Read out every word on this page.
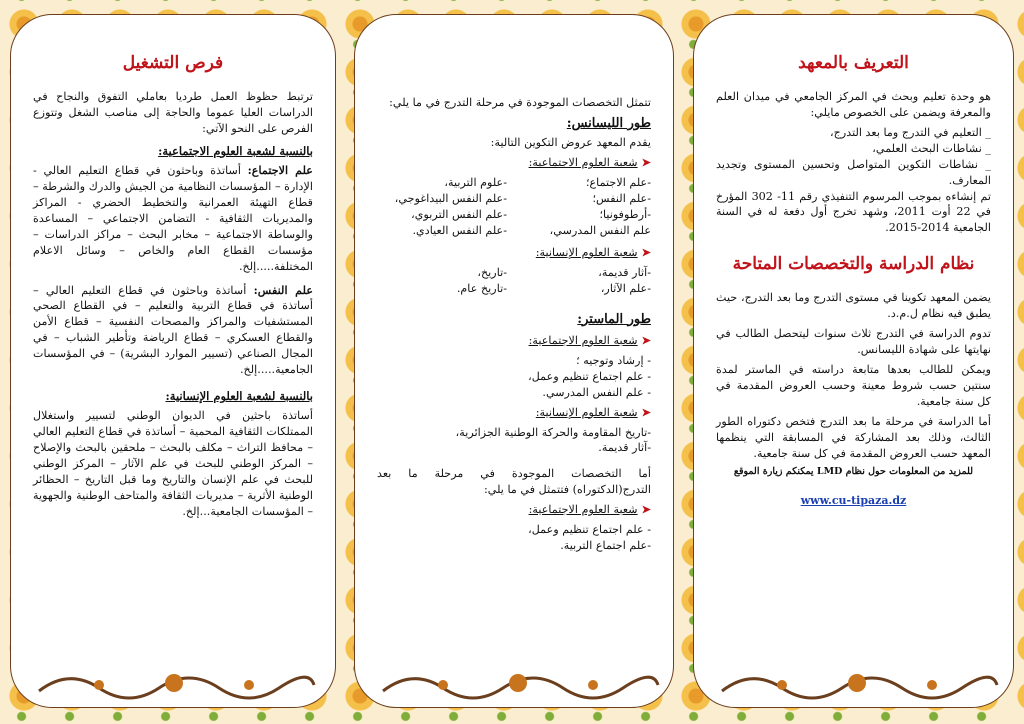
فرص التشغيل

ترتبط حظوظ العمل طرديا بعاملي التفوق والنجاح في الدراسات العليا عموما والحاجة إلى مناصب الشغل وتتوزع الفرص على النحو الآتي:

بالنسبة لشعبة العلوم الاجتماعية:

علم الاجتماع: أساتذة وباحثون في قطاع التعليم العالي - الإدارة – المؤسسات النظامية من الجيش والدرك والشرطة – قطاع التهيئة العمرانية والتخطيط الحضري - المراكز والمديريات الثقافية - التضامن الاجتماعي – المساعدة والوساطة الاجتماعية – مخابر البحث – مراكز الدراسات – مؤسسات القطاع العام والخاص – وسائل الاعلام المختلفة.....إلخ.

علم النفس: أساتذة وباحثون في قطاع التعليم العالي – أساتذة في قطاع التربية والتعليم – في القطاع الصحي المستشفيات والمراكز والمصحات النفسية – قطاع الأمن والقطاع العسكري – قطاع الرياضة وتأطير الشباب – في المجال الصناعي (تسيير الموارد البشرية) – في المؤسسات الجامعية.....إلخ.

بالنسبة لشعبة العلوم الإنسانية:

أساتذة باحثين في الديوان الوطني لتسيير واستغلال الممتلكات الثقافية المحمية – أساتذة في قطاع التعليم العالي – محافظ التراث – مكلف بالبحث – ملحقين بالبحث والإصلاح – المركز الوطني للبحث في علم الآثار – المركز الوطني للبحث في علم الإنسان والتاريخ وما قبل التاريخ – الحظائر الوطنية الأثرية – مديريات الثقافة والمتاحف الوطنية والجهوية – المؤسسات الجامعية...إلخ.

تتمثل التخصصات الموجودة في مرحلة التدرج في ما يلي:

طور الليسانس:

يقدم المعهد عروض التكوين التالية:

➤شعبة العلوم الاجتماعية:
-علم الاجتماع؛
-علوم التربية،
-علم النفس؛
-علم النفس البيداغوجي،
-أرطوفونيا؛
-علم النفس التربوي،
علم النفس المدرسي،
-علم النفس العيادي.
➤شعبة العلوم الإنسانية:
-آثار قديمة،
-تاريخ،
-علم الآثار،
-تاريخ عام.
طور الماستر:
➤شعبة العلوم الاجتماعية:
- إرشاد وتوجيه ؛
- علم اجتماع تنظيم وعمل،
- علم النفس المدرسي.
➤شعبة العلوم الإنسانية:
-تاريخ المقاومة والحركة الوطنية الجزائرية،
-آثار قديمة.

أما التخصصات الموجودة في مرحلة ما بعد التدرج(الدكتوراه) فتتمثل في ما يلي:

➤شعبة العلوم الاجتماعية:
- علم اجتماع تنظيم وعمل،
-علم اجتماع التربية.
التعريف بالمعهد

هو وحدة تعليم وبحث في المركز الجامعي في ميدان العلم والمعرفة ويضمن على الخصوص مايلي:

_ التعليم في التدرج وما بعد التدرج،
_ نشاطات البحث العلمي،
_ نشاطات التكوين المتواصل وتحسين المستوى وتجديد المعارف.

تم إنشاءه بموجب المرسوم التنفيذي رقم 11- 302 المؤرخ في 22 أوت 2011، وشهد تخرج أول دفعة له في السنة الجامعية 2014-2015.

نظام الدراسة والتخصصات المتاحة

يضمن المعهد تكوينا في مستوى التدرج وما بعد التدرج، حيث يطبق فيه نظام ل.م.د.

تدوم الدراسة في التدرج ثلاث سنوات ليتحصل الطالب في نهايتها على شهادة الليسانس.

ويمكن للطالب بعدها متابعة دراسته في الماستر لمدة سنتين حسب شروط معينة وحسب العروض المقدمة في كل سنة جامعية.

أما الدراسة في مرحلة ما بعد التدرج فتخص دكتوراه الطور الثالث، وذلك بعد المشاركة في المسابقة التي ينظمها المعهد حسب العروض المقدمة في كل سنة جامعية.

للمزيد من المعلومات حول نظام LMD يمكنكم زيارة الموقع
www.cu-tipaza.dz
